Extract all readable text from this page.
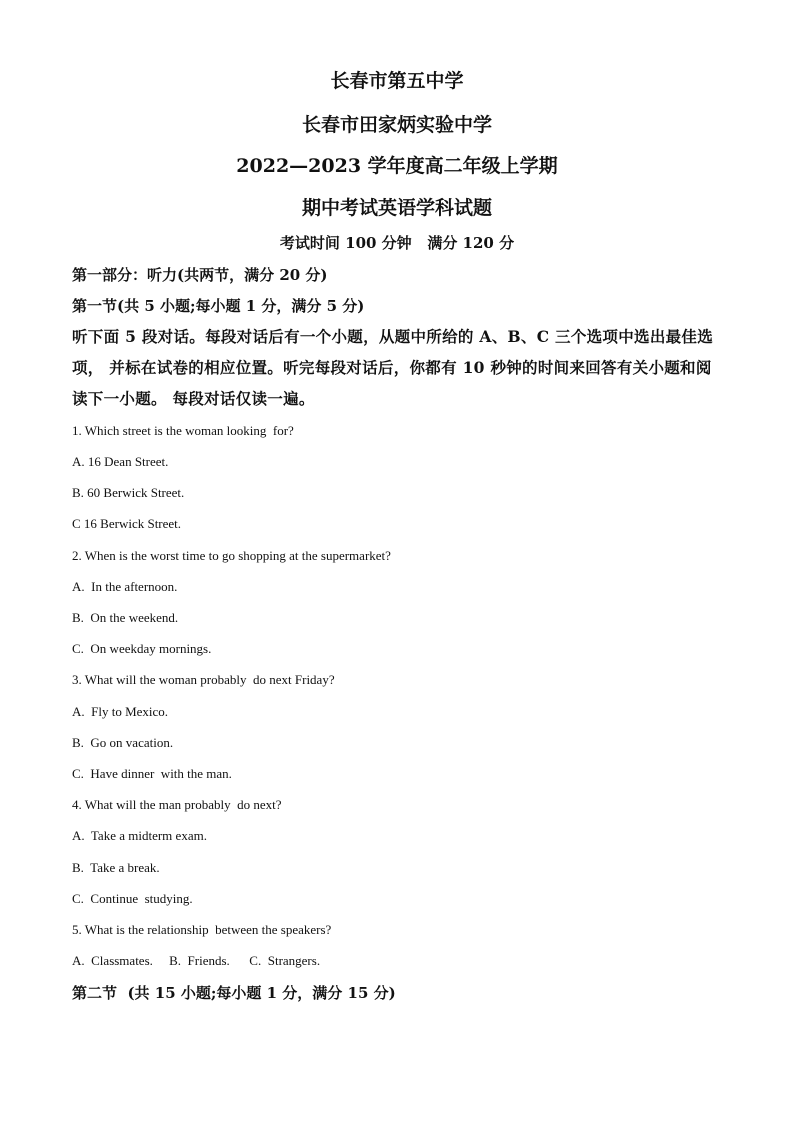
长春市第五中学
长春市田家炳实验中学
2022—2023 学年度高二年级上学期
期中考试英语学科试题
考试时间 100 分钟   满分 120 分
第一部分：听力(共两节，满分 20 分)
第一节(共 5 小题;每小题 1 分，满分 5 分)
听下面 5 段对话。每段对话后有一个小题，从题中所给的 A、B、C 三个选项中选出最佳选项， 并标在试卷的相应位置。听完每段对话后，你都有 10 秒钟的时间来回答有关小题和阅读下一小题。 每段对话仅读一遍。
1. Which street is the woman looking  for?
A. 16 Dean Street.
B. 60 Berwick Street.
C 16 Berwick Street.
2. When is the worst time to go shopping at the supermarket?
A.  In the afternoon.
B.  On the weekend.
C.  On weekday mornings.
3. What will the woman probably  do next Friday?
A.  Fly to Mexico.
B.  Go on vacation.
C.  Have dinner  with the man.
4. What will the man probably  do next?
A.  Take a midterm exam.
B.  Take a break.
C.  Continue  studying.
5. What is the relationship  between the speakers?
A.  Classmates.     B.  Friends.      C.  Strangers.
第二节  (共 15 小题;每小题 1 分，满分 15 分)
